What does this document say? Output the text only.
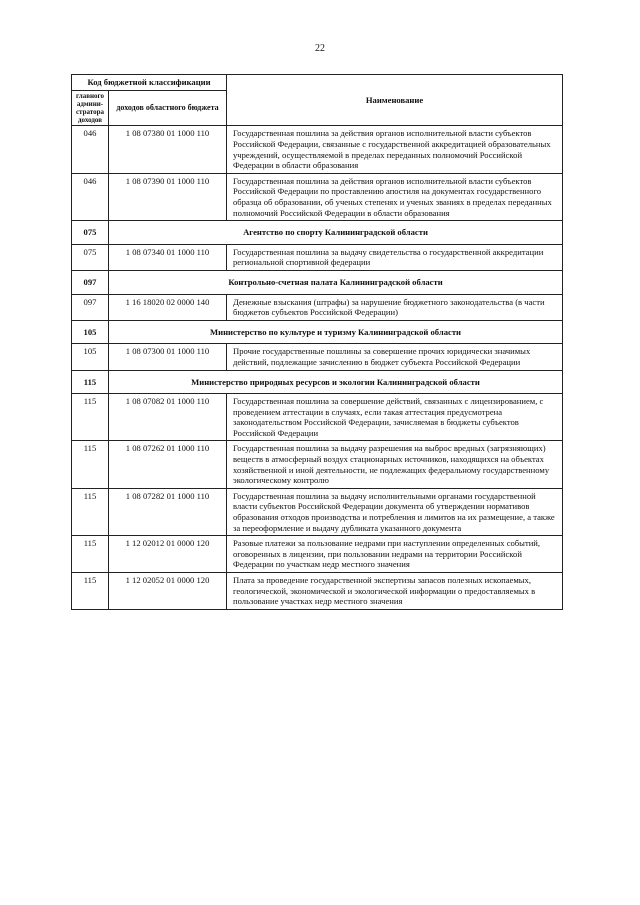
22
Код бюджетной классификации		Наименование
главного админи-стратора доходов	доходов областного бюджета	
046	1 08 07380 01 1000 110	Государственная пошлина за действия органов исполнительной власти субъектов Российской Федерации, связанные с государственной аккредитацией образовательных учреждений, осуществляемой в пределах переданных полномочий Российской Федерации в области образования
046	1 08 07390 01 1000 110	Государственная пошлина за действия органов исполнительной власти субъектов Российской Федерации по проставлению апостиля на документах государственного образца об образовании, об ученых степенях и ученых званиях в пределах переданных полномочий Российской Федерации в области образования
075	Агентство по спорту Калининградской области	
075	1 08 07340 01 1000 110	Государственная пошлина за выдачу свидетельства о государственной аккредитации региональной спортивной федерации
097	Контрольно-счетная палата Калининградской области	
097	1 16 18020 02 0000 140	Денежные взыскания (штрафы) за нарушение бюджетного законодательства (в части бюджетов субъектов Российской Федерации)
105	Министерство по культуре и туризму Калининградской области	
105	1 08 07300 01 1000 110	Прочие государственные пошлины за совершение прочих юридически значимых действий, подлежащие зачислению в бюджет субъекта Российской Федерации
115	Министерство природных ресурсов и экологии Калининградской области	
115	1 08 07082 01 1000 110	Государственная пошлина за совершение действий, связанных с лицензированием, с проведением аттестации в случаях, если такая аттестация предусмотрена законодательством Российской Федерации, зачисляемая в бюджеты субъектов Российской Федерации
115	1 08 07262 01 1000 110	Государственная пошлина за выдачу разрешения на выброс вредных (загрязняющих) веществ в атмосферный воздух стационарных источников, находящихся на объектах хозяйственной и иной деятельности, не подлежащих федеральному государственному экологическому контролю
115	1 08 07282 01 1000 110	Государственная пошлина за выдачу исполнительными органами государственной власти субъектов Российской Федерации документа об утверждении нормативов образования отходов производства и потребления и лимитов на их размещение, а также за переоформление и выдачу дубликата указанного документа
115	1 12 02012 01 0000 120	Разовые платежи за пользование недрами при наступлении определенных событий, оговоренных в лицензии, при пользовании недрами на территории Российской Федерации по участкам недр местного значения
115	1 12 02052 01 0000 120	Плата за проведение государственной экспертизы запасов полезных ископаемых, геологической, экономической и экологической информации о предоставляемых в пользование участках недр местного значения
